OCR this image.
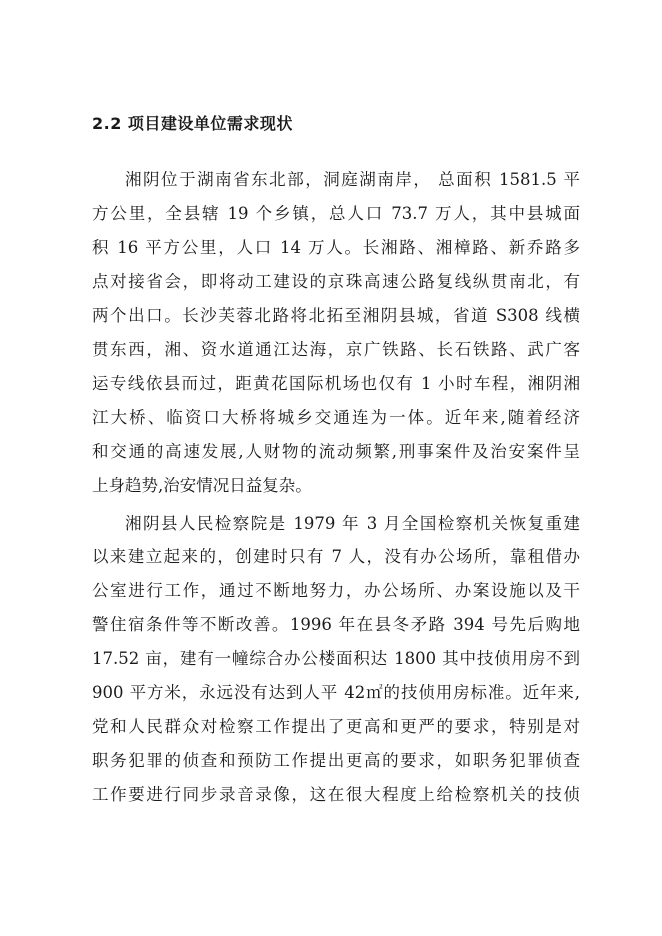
2.2 项目建设单位需求现状
湘阴位于湖南省东北部，洞庭湖南岸， 总面积 1581.5 平
方公里，全县辖 19 个乡镇，总人口 73.7 万人，其中县城面
积 16 平方公里，人口 14 万人。长湘路、湘樟路、新乔路多
点对接省会，即将动工建设的京珠高速公路复线纵贯南北，有
两个出口。长沙芙蓉北路将北拓至湘阴县城，省道 S308 线横
贯东西，湘、资水道通江达海，京广铁路、长石铁路、武广客
运专线依县而过，距黄花国际机场也仅有 1 小时车程，湘阴湘
江大桥、临资口大桥将城乡交通连为一体。近年来,随着经济
和交通的高速发展,人财物的流动频繁,刑事案件及治安案件呈
上身趋势,治安情况日益复杂。
湘阴县人民检察院是 1979 年 3 月全国检察机关恢复重建
以来建立起来的，创建时只有 7 人，没有办公场所，靠租借办
公室进行工作，通过不断地努力，办公场所、办案设施以及干
警住宿条件等不断改善。1996 年在县冬矛路 394 号先后购地
17.52 亩，建有一幢综合办公楼面积达 1800 其中技侦用房不到
900 平方米，永远没有达到人平 42㎡的技侦用房标准。近年来,
党和人民群众对检察工作提出了更高和更严的要求，特别是对
职务犯罪的侦查和预防工作提出更高的要求，如职务犯罪侦查
工作要进行同步录音录像，这在很大程度上给检察机关的技侦
